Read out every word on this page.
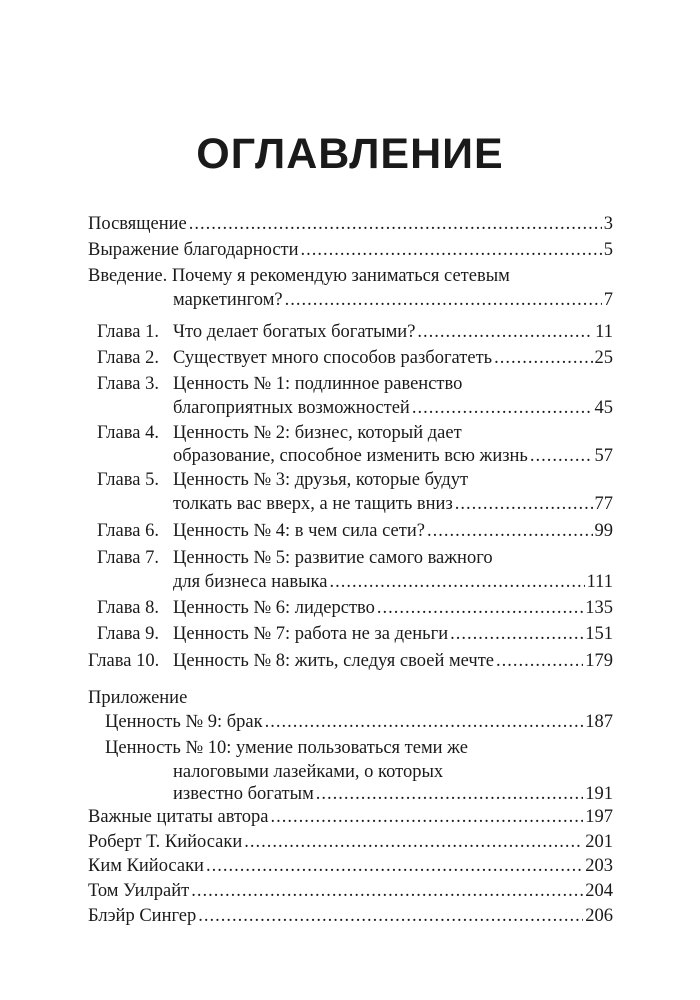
ОГЛАВЛЕНИЕ
Посвящение .....	3
Выражение благодарности .....	5
Введение. Почему я рекомендую заниматься сетевым
маркетингом? .....	7
Глава 1. Что делает богатых богатыми? .....	11
Глава 2. Существует много способов разбогатеть .....	25
Глава 3. Ценность № 1: подлинное равенство
благоприятных возможностей .....	45
Глава 4. Ценность № 2: бизнес, который дает
образование, способное изменить всю жизнь .....	57
Глава 5. Ценность № 3: друзья, которые будут
толкать вас вверх, а не тащить вниз .....	77
Глава 6. Ценность № 4: в чем сила сети? .....	99
Глава 7. Ценность № 5: развитие самого важного
для бизнеса навыка .....	111
Глава 8. Ценность № 6: лидерство .....	135
Глава 9. Ценность № 7: работа не за деньги .....	151
Глава 10. Ценность № 8: жить, следуя своей мечте .....	179
Приложение
Ценность № 9: брак .....	187
Ценность № 10: умение пользоваться теми же
налоговыми лазейками, о которых
известно богатым .....	191
Важные цитаты автора .....	197
Роберт Т. Кийосаки .....	201
Ким Кийосаки .....	203
Том Уилрайт .....	204
Блэйр Сингер .....	206
